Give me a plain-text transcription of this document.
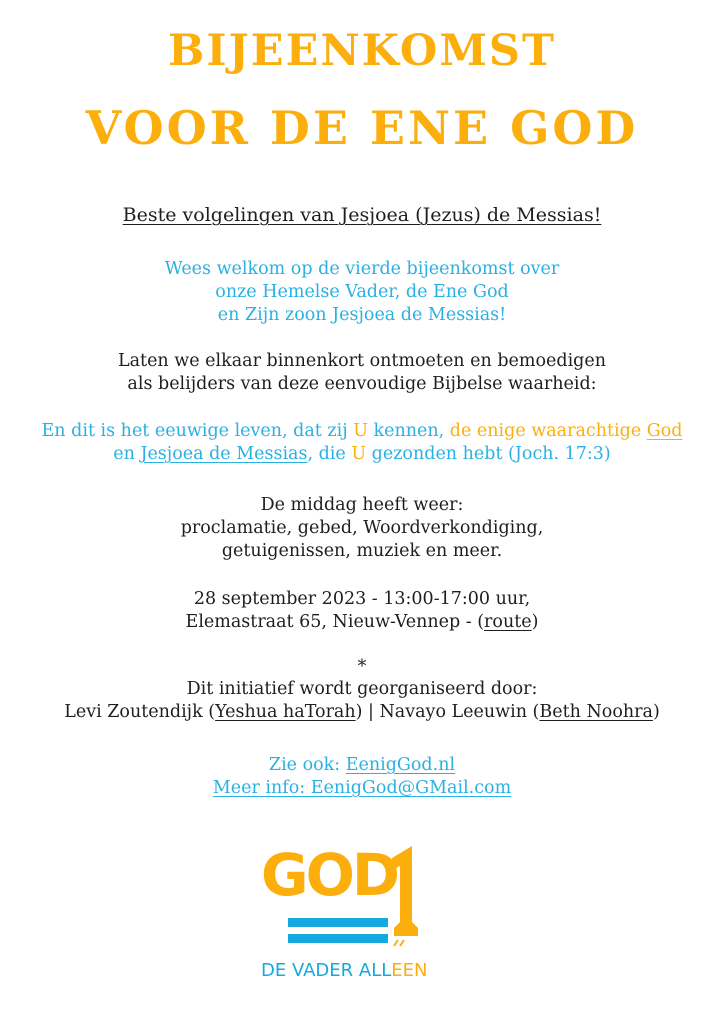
BIJEENKOMST
VOOR DE ENE GOD
Beste volgelingen van Jesjoea (Jezus) de Messias!
Wees welkom op de vierde bijeenkomst over
onze Hemelse Vader, de Ene God
en Zijn zoon Jesjoea de Messias!
Laten we elkaar binnenkort ontmoeten en bemoedigen
als belijders van deze eenvoudige Bijbelse waarheid:
En dit is het eeuwige leven, dat zij U kennen, de enige waarachtige God
en Jesjoea de Messias, die U gezonden hebt (Joch. 17:3)
De middag heeft weer:
proclamatie, gebed, Woordverkondiging,
getuigenissen, muziek en meer.
28 september 2023 - 13:00-17:00 uur,
Elemastraat 65, Nieuw-Vennep - (route)
*
Dit initiatief wordt georganiseerd door:
Levi Zoutendijk (Yeshua haTorah) | Navayo Leeuwin (Beth Noohra)
Zie ook: EenigGod.nl
Meer info: EenigGod@GMail.com
GOD
DE VADER ALLEEN
